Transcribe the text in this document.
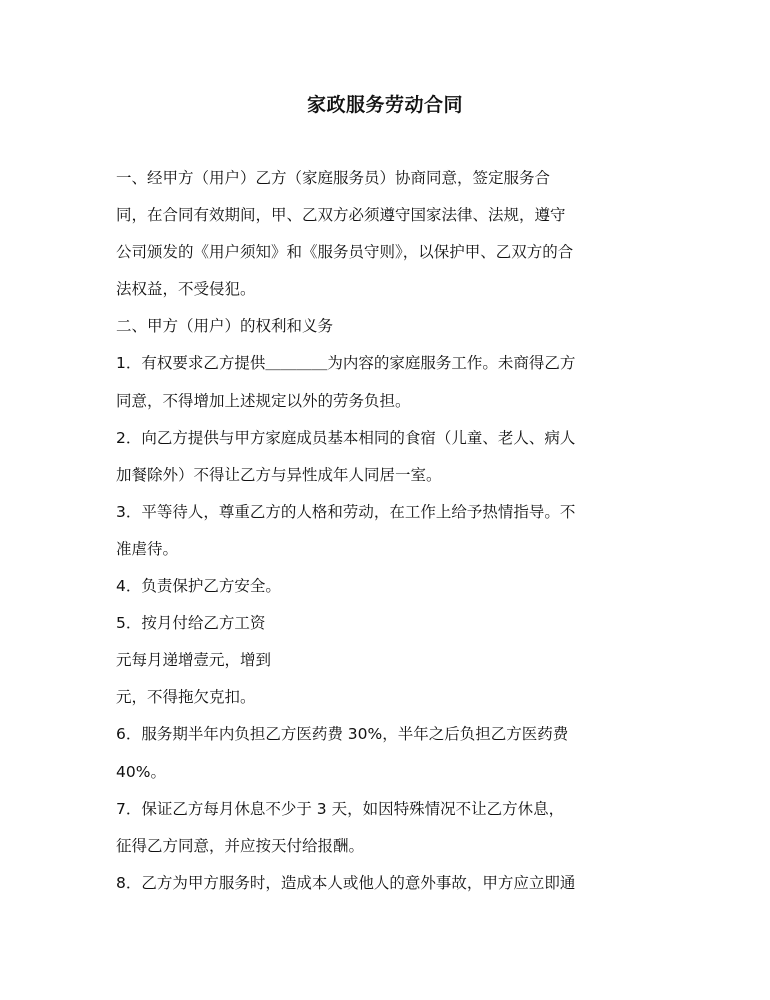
家政服务劳动合同
一、经甲方（用户）乙方（家庭服务员）协商同意，签定服务合
同，在合同有效期间，甲、乙双方必须遵守国家法律、法规，遵守
公司颁发的《用户须知》和《服务员守则》，以保护甲、乙双方的合
法权益，不受侵犯。
二、甲方（用户）的权利和义务
1．有权要求乙方提供＿＿＿＿为内容的家庭服务工作。未商得乙方
同意，不得增加上述规定以外的劳务负担。
2．向乙方提供与甲方家庭成员基本相同的食宿（儿童、老人、病人
加餐除外）不得让乙方与异性成年人同居一室。
3．平等待人，尊重乙方的人格和劳动，在工作上给予热情指导。不
准虐待。
4．负责保护乙方安全。
5．按月付给乙方工资
元每月递增壹元，增到
元，不得拖欠克扣。
6．服务期半年内负担乙方医药费 30%，半年之后负担乙方医药费
40%。
7．保证乙方每月休息不少于 3 天，如因特殊情况不让乙方休息，
征得乙方同意，并应按天付给报酬。
8．乙方为甲方服务时，造成本人或他人的意外事故，甲方应立即通
